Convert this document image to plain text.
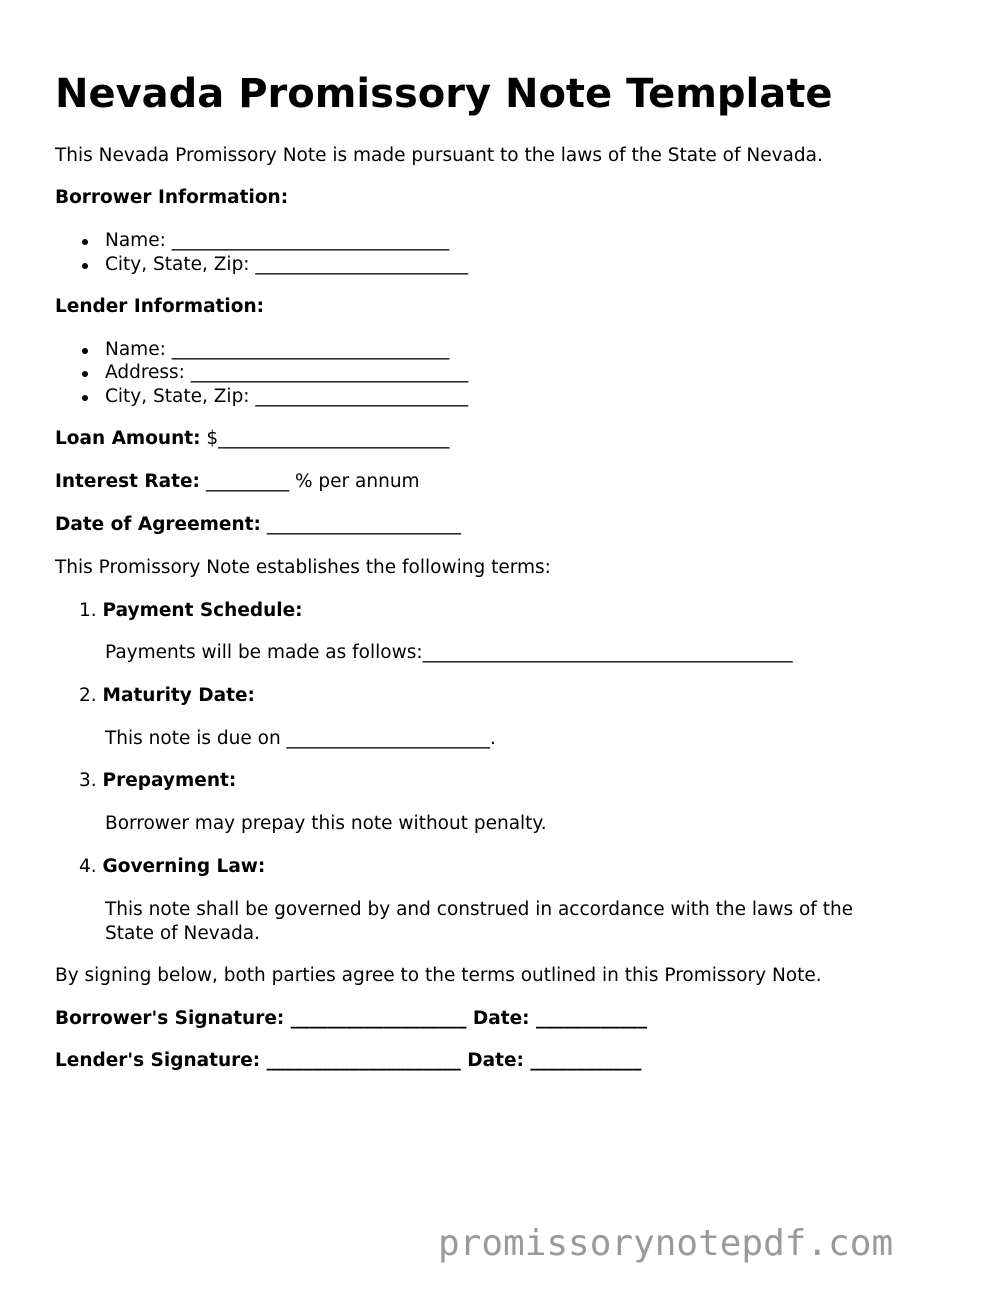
Nevada Promissory Note Template

This Nevada Promissory Note is made pursuant to the laws of the State of Nevada.

Borrower Information:

Name: ______________________________

City, State, Zip: _______________________

Lender Information:

Name: ______________________________

Address: ______________________________

City, State, Zip: _______________________

Loan Amount: $_________________________

Interest Rate: _________ % per annum

Date of Agreement: _____________________

This Promissory Note establishes the following terms:

1. Payment Schedule:

Payments will be made as follows:________________________________________

2. Maturity Date:

This note is due on ______________________.

3. Prepayment:

Borrower may prepay this note without penalty.

4. Governing Law:

This note shall be governed by and construed in accordance with the laws of the

State of Nevada.

By signing below, both parties agree to the terms outlined in this Promissory Note.

Borrower's Signature: ___________________ Date: ____________

Lender's Signature: _____________________ Date: ____________

promissorynotepdf.com
